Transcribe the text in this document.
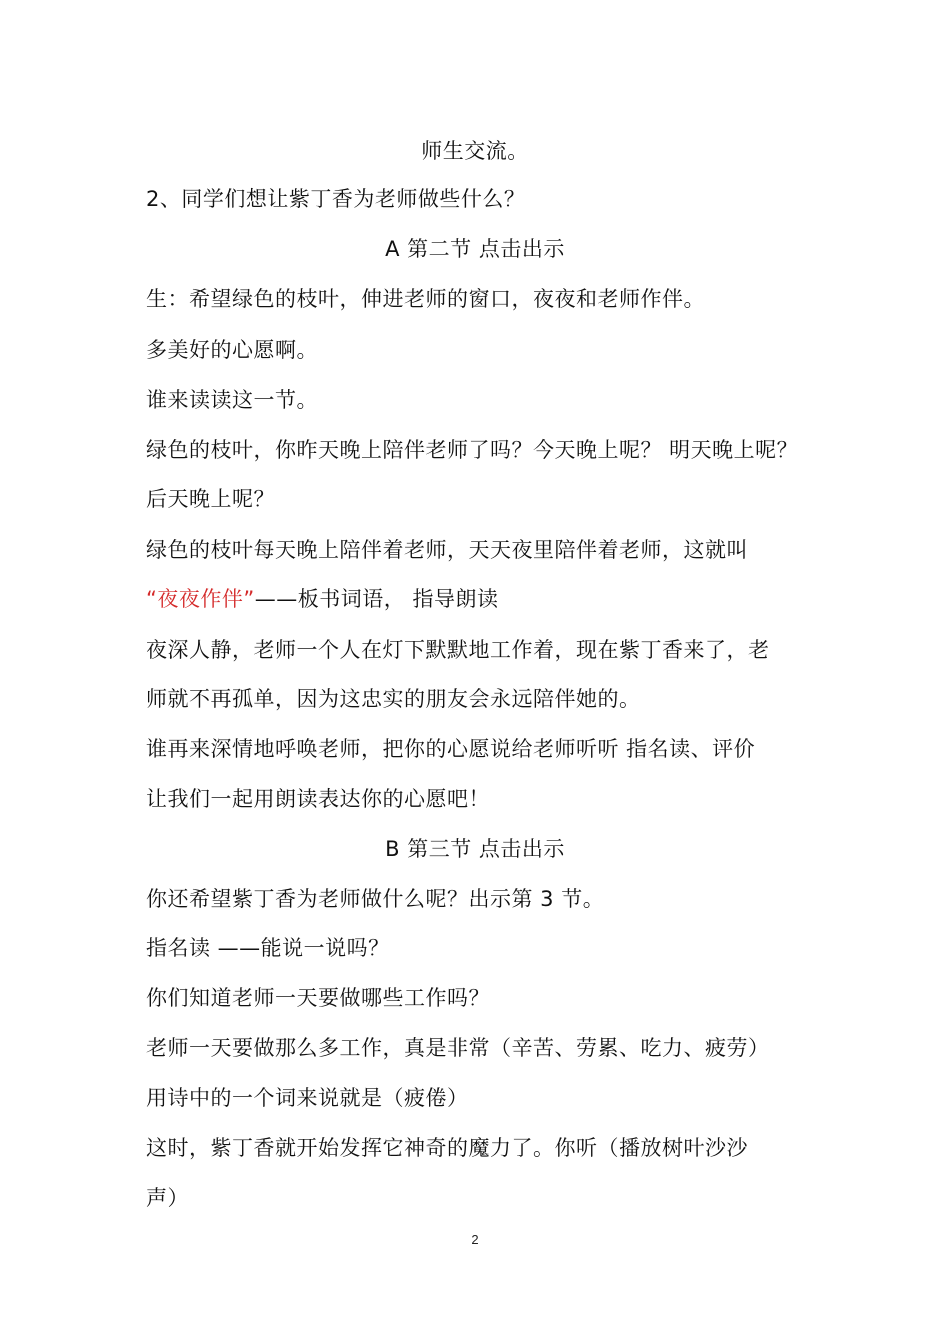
师生交流。
2、同学们想让紫丁香为老师做些什么？
A 第二节 点击出示
生：希望绿色的枝叶，伸进老师的窗口，夜夜和老师作伴。
多美好的心愿啊。
谁来读读这一节。
绿色的枝叶，你昨天晚上陪伴老师了吗？今天晚上呢？ 明天晚上呢？
后天晚上呢？
绿色的枝叶每天晚上陪伴着老师，天天夜里陪伴着老师，这就叫
“夜夜作伴”——板书词语， 指导朗读
夜深人静，老师一个人在灯下默默地工作着，现在紫丁香来了，老
师就不再孤单，因为这忠实的朋友会永远陪伴她的。
谁再来深情地呼唤老师，把你的心愿说给老师听听 指名读、评价
让我们一起用朗读表达你的心愿吧！
B 第三节 点击出示
你还希望紫丁香为老师做什么呢？出示第 3 节。
指名读 ——能说一说吗？
你们知道老师一天要做哪些工作吗？
老师一天要做那么多工作，真是非常（辛苦、劳累、吃力、疲劳）
用诗中的一个词来说就是（疲倦）
这时，紫丁香就开始发挥它神奇的魔力了。你听（播放树叶沙沙
声）
2
